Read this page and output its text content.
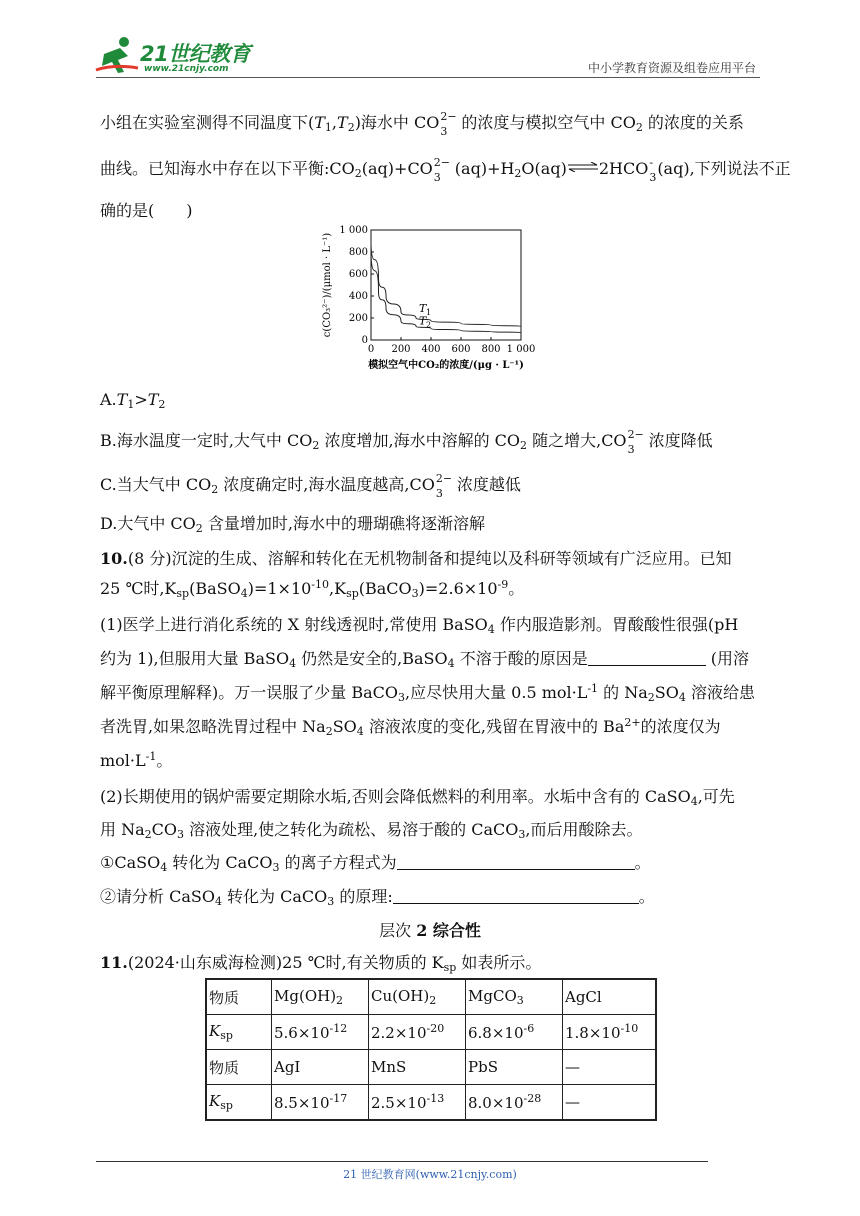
21世纪教育
www.21cnjy.com	中小学教育资源及组卷应用平台
小组在实验室测得不同温度下$(T_1,T_2)$海水中 CO 2−
3 的浓度与模拟空气中 $CO_2$ 的浓度的关系
曲线。已知海水中存在以下平衡$:CO_2(aq)+CO$ 2−
3 $(aq)+H_2O(aq)\rightleftharpoons 2HCO$ -
3 (aq),下列说法不正
确的是(　　)
0 200 400 600 800 1 000
0
200
400
600
800
1 000
T 1
T 2
模拟空气中CO₂的浓度/(μg · L⁻¹)
c(CO₃²⁻)/(μmol · L⁻¹)
$A.T_1>T_2$
B.海水温度一定时,大气中 $CO_2$ 浓度增加,海水中溶解的 $CO_2$ 随之增大,CO 2−
3 浓度降低
C.当大气中 $CO_2$ 浓度确定时,海水温度越高,CO 2−
3 浓度越低
D.大气中 $CO_2$ 含量增加时,海水中的珊瑚礁将逐渐溶解
10.(8 分)沉淀的生成、溶解和转化在无机物制备和提纯以及科研等领域有广泛应用。已知
25 ℃时$,K_{sp}(BaSO_4)=1\times 10^{-10},K_{sp}(BaCO_3)=2.6\times 10^{-9}$。
(1)医学上进行消化系统的 X 射线透视时,常使用 BaSO$_4$ 作内服造影剂。胃酸酸性很强(pH
约为 1),但服用大量 BaSO$_4$ 仍然是安全的,BaSO$_4$ 不溶于酸的原因是	(用溶
解平衡原理解释)。万一误服了少量 BaCO$_3$,应尽快用大量 0.5 $mol\cdot L^{-1}$ 的 $Na_2SO_4$ 溶液给患
者洗胃,如果忽略洗胃过程中 $Na_2SO_4$ 溶液浓度的变化,残留在胃液中的 $Ba^{2+}$的浓度仅为
$mol\cdot L^{-1}$。
(2)长期使用的锅炉需要定期除水垢,否则会降低燃料的利用率。水垢中含有的 CaSO$_4$,可先
用 $Na_2CO_3$ 溶液处理,使之转化为疏松、易溶于酸的 CaCO$_3$,而后用酸除去。
①CaSO$_4$ 转化为 CaCO$_3$ 的离子方程式为	。
②请分析 CaSO$_4$ 转化为 CaCO$_3$ 的原理:	。
层次 2 综合性
11.(2024·山东威海检测)25 ℃时,有关物质的 $K_{sp}$ 如表所示。
物质	$Mg(OH)_2$	$Cu(OH)_2$	MgCO$_3$	AgCl
$K_{sp}$	$5.6\times 10^{-12}$	$2.2\times 10^{-20}$	$6.8\times 10^{-6}$	$1.8\times 10^{-10}$
物质	AgI	MnS	PbS	—
$K_{sp}$	$8.5\times 10^{-17}$	$2.5\times 10^{-13}$	$8.0\times 10^{-28}$	—
21 世纪教育网(www.21cnjy.com)
